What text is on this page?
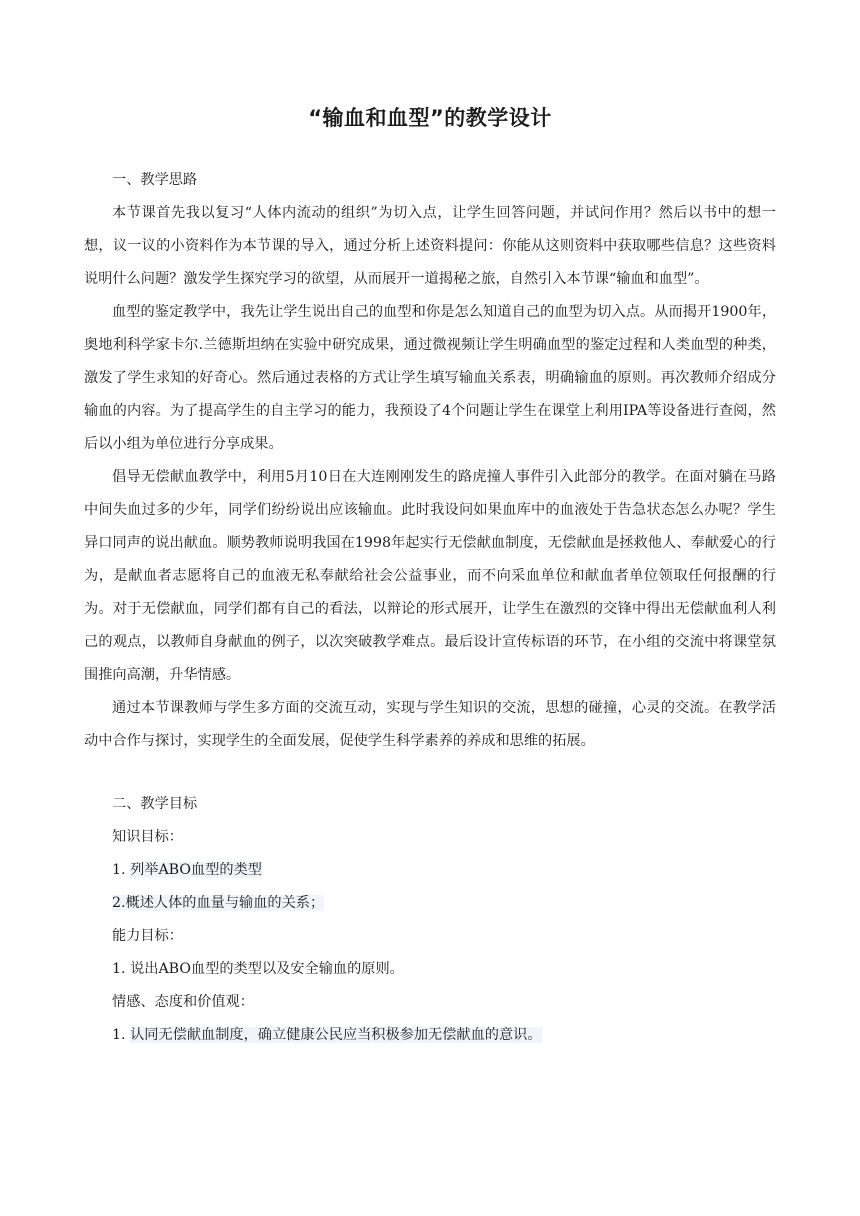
“输血和血型”的教学设计

一、教学思路

本节课首先我以复习“人体内流动的组织”为切入点，让学生回答问题，并试问作用？然后以书中的想一想，议一议的小资料作为本节课的导入，通过分析上述资料提问：你能从这则资料中获取哪些信息？这些资料说明什么问题？激发学生探究学习的欲望，从而展开一道揭秘之旅，自然引入本节课“输血和血型”。

血型的鉴定教学中，我先让学生说出自己的血型和你是怎么知道自己的血型为切入点。从而揭开1900年，奥地利科学家卡尔.兰德斯坦纳在实验中研究成果，通过微视频让学生明确血型的鉴定过程和人类血型的种类，激发了学生求知的好奇心。然后通过表格的方式让学生填写输血关系表，明确输血的原则。再次教师介绍成分输血的内容。为了提高学生的自主学习的能力，我预设了4个问题让学生在课堂上利用IPA等设备进行查阅，然后以小组为单位进行分享成果。

倡导无偿献血教学中，利用5月10日在大连刚刚发生的路虎撞人事件引入此部分的教学。在面对躺在马路中间失血过多的少年，同学们纷纷说出应该输血。此时我设问如果血库中的血液处于告急状态怎么办呢？学生异口同声的说出献血。顺势教师说明我国在1998年起实行无偿献血制度，无偿献血是拯救他人、奉献爱心的行为，是献血者志愿将自己的血液无私奉献给社会公益事业，而不向采血单位和献血者单位领取任何报酬的行为。对于无偿献血，同学们都有自己的看法，以辩论的形式展开，让学生在激烈的交锋中得出无偿献血利人利己的观点，以教师自身献血的例子，以次突破教学难点。最后设计宣传标语的环节，在小组的交流中将课堂氛围推向高潮，升华情感。

通过本节课教师与学生多方面的交流互动，实现与学生知识的交流，思想的碰撞，心灵的交流。在教学活动中合作与探讨，实现学生的全面发展，促使学生科学素养的养成和思维的拓展。

二、教学目标

知识目标：

1. 列举ABO血型的类型

2.概述人体的血量与输血的关系；

能力目标：

1. 说出ABO血型的类型以及安全输血的原则。

情感、态度和价值观：

1. 认同无偿献血制度，确立健康公民应当积极参加无偿献血的意识。
